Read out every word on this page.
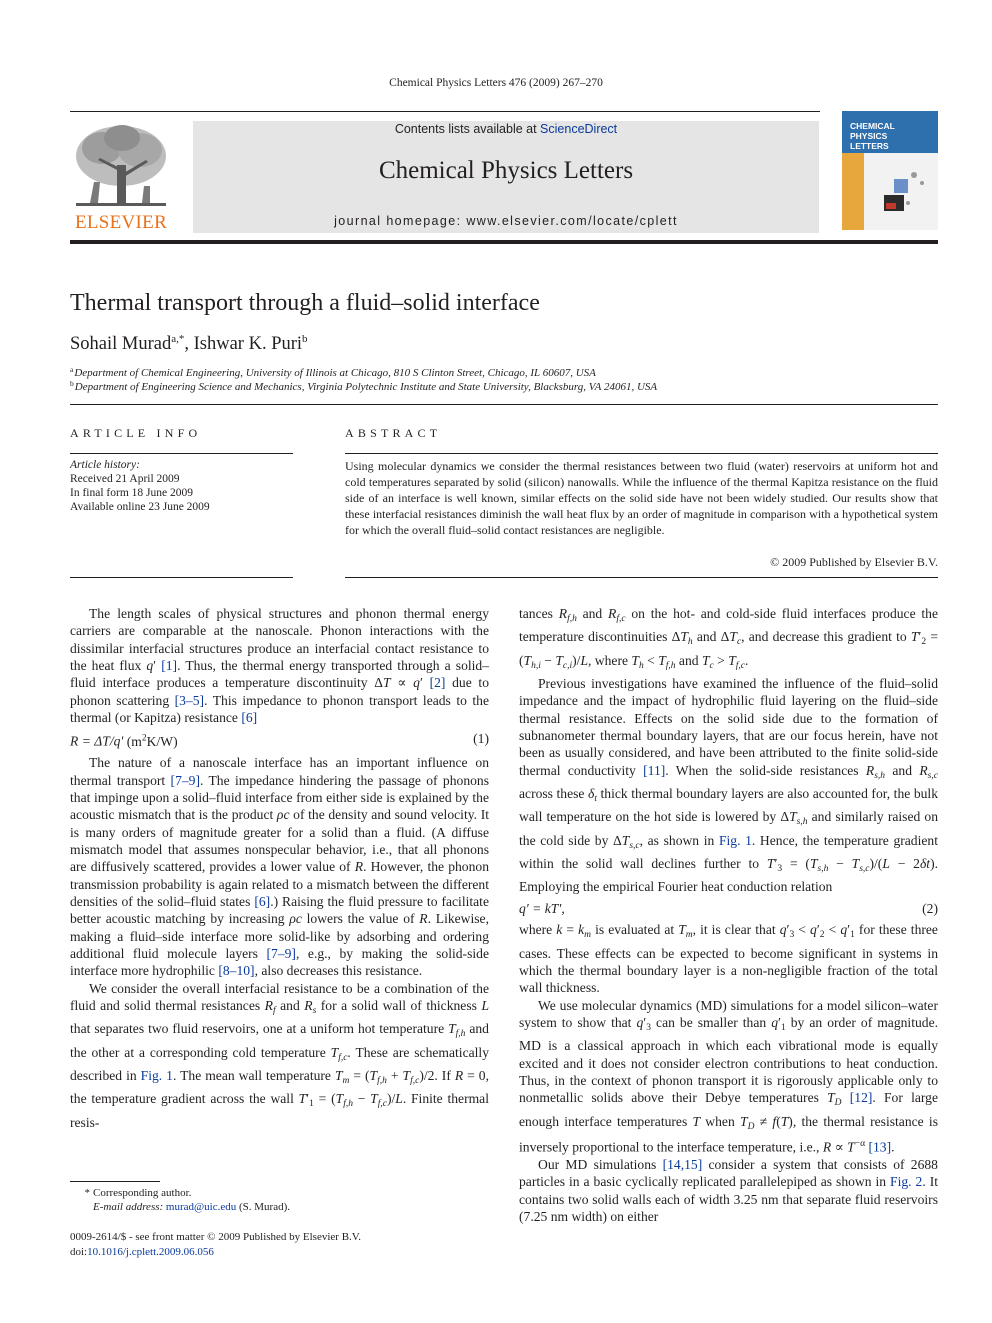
Chemical Physics Letters 476 (2009) 267–270
ELSEVIER
Contents lists available at ScienceDirect
Chemical Physics Letters
journal homepage: www.elsevier.com/locate/cplett
CHEMICAL
PHYSICS
LETTERS
Thermal transport through a fluid–solid interface
Sohail Murad$^{a,*}$, Ishwar K. Puri$^b$
$^a$Department of Chemical Engineering, University of Illinois at Chicago, 810 S Clinton Street, Chicago, IL 60607, USA
$^b$Department of Engineering Science and Mechanics, Virginia Polytechnic Institute and State University, Blacksburg, VA 24061, USA
ARTICLE INFO	ABSTRACT
Article history:
Received 21 April 2009
In final form 18 June 2009
Available online 23 June 2009
Using molecular dynamics we consider the thermal resistances between two fluid (water) reservoirs at uniform hot and cold temperatures separated by solid (silicon) nanowalls. While the influence of the thermal Kapitza resistance on the fluid side of an interface is well known, similar effects on the solid side have not been widely studied. Our results show that these interfacial resistances diminish the wall heat flux by an order of magnitude in comparison with a hypothetical system for which the overall fluid–solid contact resistances are negligible.
© 2009 Published by Elsevier B.V.

The length scales of physical structures and phonon thermal energy carriers are comparable at the nanoscale. Phonon interactions with the dissimilar interfacial structures produce an interfacial contact resistance to the heat flux q′ [1]. Thus, the thermal energy transported through a solid–fluid interface produces a temperature discontinuity ΔT ∝ q′ [2] due to phonon scattering [3–5]. This impedance to phonon transport leads to the thermal (or Kapitza) resistance [6]

R = ΔT/q′ $(m^2K/W)$	(1)

The nature of a nanoscale interface has an important influence on thermal transport [7–9]. The impedance hindering the passage of phonons that impinge upon a solid–fluid interface from either side is explained by the acoustic mismatch that is the product ρc of the density and sound velocity. It is many orders of magnitude greater for a solid than a fluid. (A diffuse mismatch model that assumes nonspecular behavior, i.e., that all phonons are diffusively scattered, provides a lower value of R. However, the phonon transmission probability is again related to a mismatch between the different densities of the solid–fluid states [6].) Raising the fluid pressure to facilitate better acoustic matching by increasing ρc lowers the value of R. Likewise, making a fluid–side interface more solid-like by adsorbing and ordering additional fluid molecule layers [7–9], e.g., by making the solid-side interface more hydrophilic [8–10], also decreases this resistance.

We consider the overall interfacial resistance to be a combination of the fluid and solid thermal resistances $R_f$ and $R_s$ for a solid wall of thickness L that separates two fluid reservoirs, one at a uniform hot temperature $T_{f,h}$ and the other at a corresponding cold temperature $T_{f,c}$. These are schematically described in Fig. 1. The mean wall temperature $T_m = (T_{f,h} + T_{f,c})/2$. If R = 0, the temperature gradient across the wall $T'_1 = (T_{f,h} - T_{f,c})/L$. Finite thermal resis-

tances $R_{f,h}$ and $R_{f,c}$ on the hot- and cold-side fluid interfaces produce the temperature discontinuities $\Delta T_h$ and $\Delta T_c$, and decrease this gradient to $T'_2 = (T_{h,i} - T_{c,i})/L$, where $T_h < T_{f,h}$ and $T_c > T_{f,c}$.

Previous investigations have examined the influence of the fluid–solid impedance and the impact of hydrophilic fluid layering on the fluid–side thermal resistance. Effects on the solid side due to the formation of subnanometer thermal boundary layers, that are our focus herein, have not been as usually considered, and have been attributed to the finite solid-side thermal conductivity [11]. When the solid-side resistances $R_{s,h}$ and $R_{s,c}$ across these $\delta_t$ thick thermal boundary layers are also accounted for, the bulk wall temperature on the hot side is lowered by $\Delta T_{s,h}$ and similarly raised on the cold side by $\Delta T_{s,c}$, as shown in Fig. 1. Hence, the temperature gradient within the solid wall declines further to $T'_3 = (T_{s,h} - T_{s,c})/(L - 2\delta t)$. Employing the empirical Fourier heat conduction relation

q′ = kT′,	(2)

where $k = k_m$ is evaluated at $T_m$, it is clear that $q'_3 < q'_2 < q'_1$ for these three cases. These effects can be expected to become significant in systems in which the thermal boundary layer is a non-negligible fraction of the total wall thickness.

We use molecular dynamics (MD) simulations for a model silicon–water system to show that $q'_3$ can be smaller than $q'_1$ by an order of magnitude. MD is a classical approach in which each vibrational mode is equally excited and it does not consider electron contributions to heat conduction. Thus, in the context of phonon transport it is rigorously applicable only to nonmetallic solids above their Debye temperatures $T_D$ [12]. For large enough interface temperatures T when $T_D \ne f(T)$, the thermal resistance is inversely proportional to the interface temperature, i.e., $R \propto T^{-\alpha}$ [13].

Our MD simulations [14,15] consider a system that consists of 2688 particles in a basic cyclically replicated parallelepiped as shown in Fig. 2. It contains two solid walls each of width 3.25 nm that separate fluid reservoirs (7.25 nm width) on either

* Corresponding author.
E-mail address: murad@uic.edu (S. Murad).
0009-2614/$ - see front matter © 2009 Published by Elsevier B.V.
doi:10.1016/j.cplett.2009.06.056
